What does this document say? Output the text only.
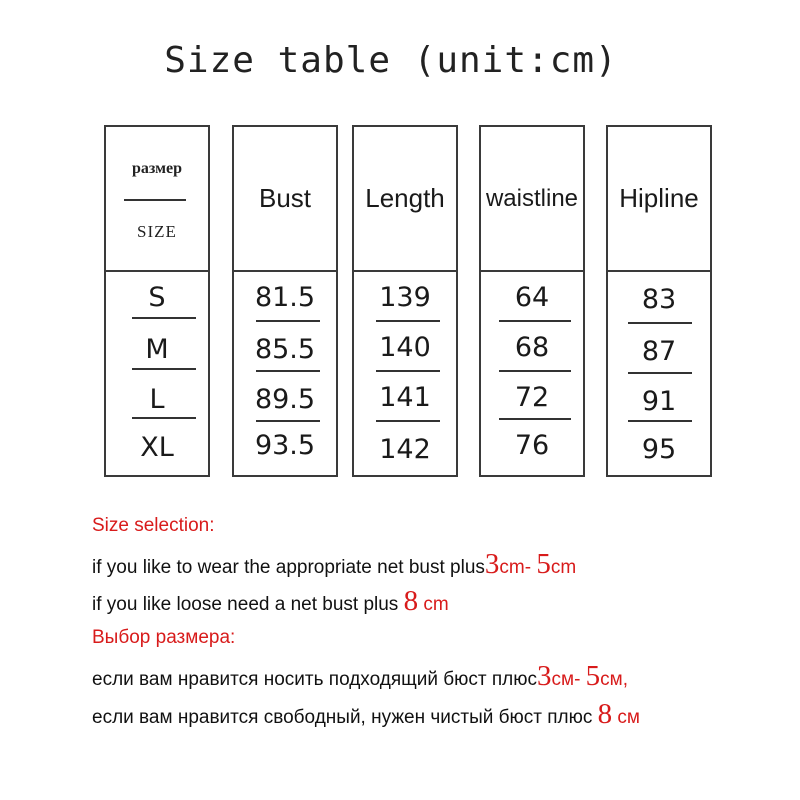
Size table (unit:cm)
размер
SIZE
S
M
L
XL
Bust
81.5
85.5
89.5
93.5
Length
139
140
141
142
waistline
64
68
72
76
Hipline
83
87
91
95
Size selection:
if you like to wear the appropriate net bust plus3cm- 5cm
if you like loose need a net bust plus 8 cm
Выбор размера:
если вам нравится носить подходящий бюст плюс3см- 5см,
если вам нравится свободный, нужен чистый бюст плюс 8 см
